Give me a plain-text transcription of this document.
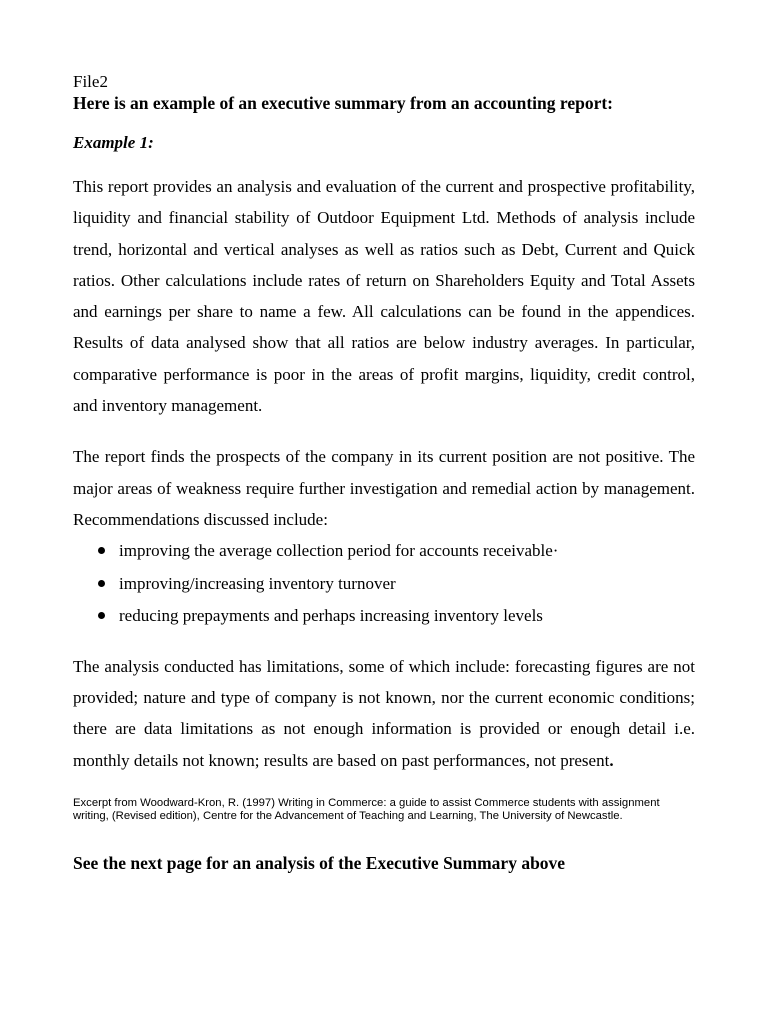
File2

Here is an example of an executive summary from an accounting report:

Example 1:

This report provides an analysis and evaluation of the current and prospective profitability, liquidity and financial stability of Outdoor Equipment Ltd. Methods of analysis include trend, horizontal and vertical analyses as well as ratios such as Debt, Current and Quick ratios. Other calculations include rates of return on Shareholders Equity and Total Assets and earnings per share to name a few. All calculations can be found in the appendices. Results of data analysed show that all ratios are below industry averages. In particular, comparative performance is poor in the areas of profit margins, liquidity, credit control, and inventory management.

The report finds the prospects of the company in its current position are not positive. The major areas of weakness require further investigation and remedial action by management. Recommendations discussed include:

improving the average collection period for accounts receivable·
improving/increasing inventory turnover
reducing prepayments and perhaps increasing inventory levels

The analysis conducted has limitations, some of which include: forecasting figures are not provided; nature and type of company is not known, nor the current economic conditions; there are data limitations as not enough information is provided or enough detail i.e. monthly details not known; results are based on past performances, not present.

Excerpt from Woodward-Kron, R. (1997) Writing in Commerce: a guide to assist Commerce students with assignment writing, (Revised edition), Centre for the Advancement of Teaching and Learning, The University of Newcastle.

See the next page for an analysis of the Executive Summary above
